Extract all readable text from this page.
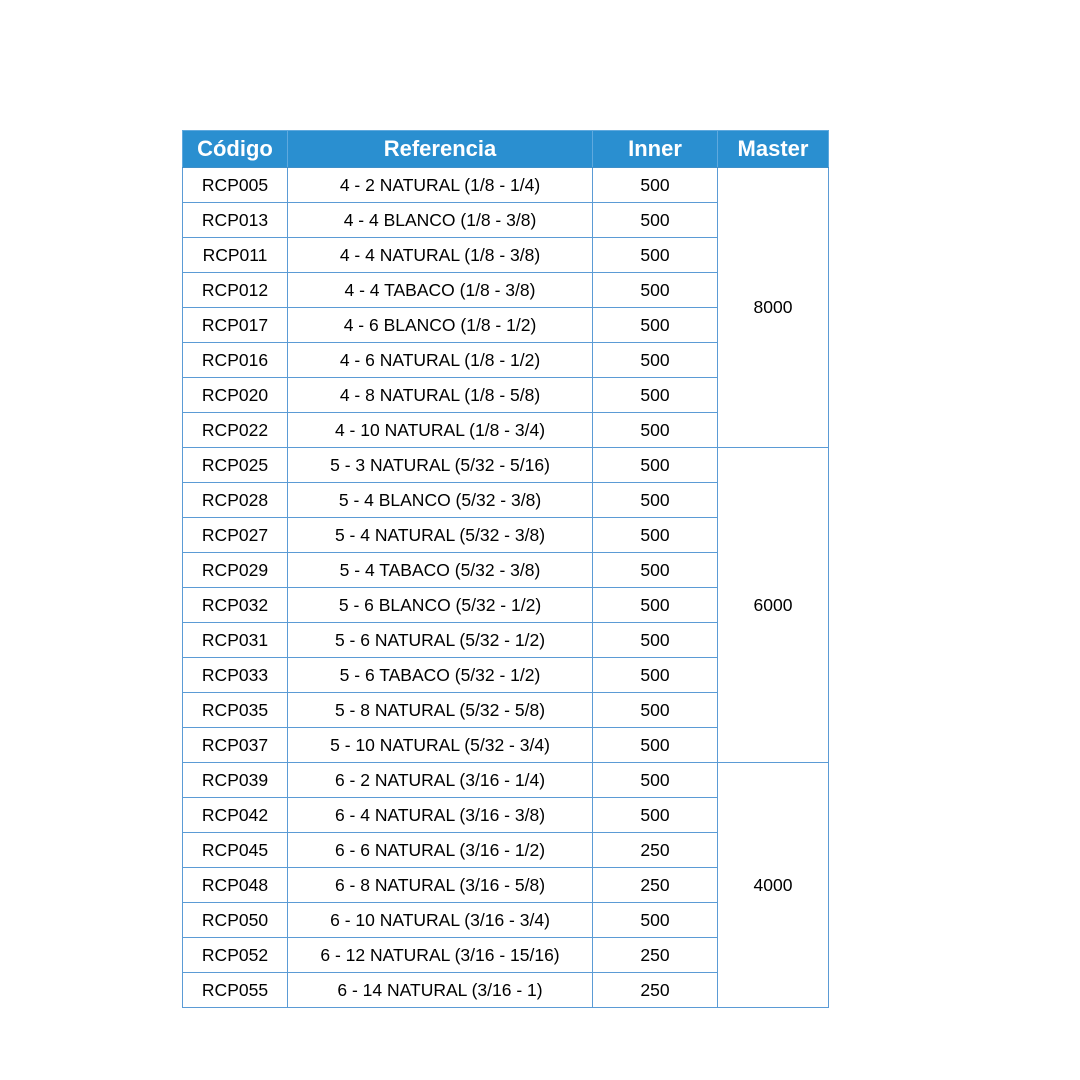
Código	Referencia	Inner	Master
RCP005	4 - 2 NATURAL (1/8 - 1/4)	500	8000
RCP013	4 - 4 BLANCO (1/8 - 3/8)	500	
RCP011	4 - 4 NATURAL (1/8 - 3/8)	500	
RCP012	4 - 4 TABACO (1/8 - 3/8)	500	
RCP017	4 - 6 BLANCO (1/8 - 1/2)	500	
RCP016	4 - 6 NATURAL (1/8 - 1/2)	500	
RCP020	4 - 8 NATURAL (1/8 - 5/8)	500	
RCP022	4 - 10 NATURAL (1/8 - 3/4)	500	
RCP025	5 - 3 NATURAL (5/32 - 5/16)	500	6000
RCP028	5 - 4 BLANCO (5/32 - 3/8)	500	
RCP027	5 - 4 NATURAL (5/32 - 3/8)	500	
RCP029	5 - 4 TABACO (5/32 - 3/8)	500	
RCP032	5 - 6 BLANCO (5/32 - 1/2)	500	
RCP031	5 - 6 NATURAL (5/32 - 1/2)	500	
RCP033	5 - 6 TABACO (5/32 - 1/2)	500	
RCP035	5 - 8 NATURAL (5/32 - 5/8)	500	
RCP037	5 - 10 NATURAL (5/32 - 3/4)	500	
RCP039	6 - 2 NATURAL (3/16 - 1/4)	500	4000
RCP042	6 - 4 NATURAL (3/16 - 3/8)	500	
RCP045	6 - 6 NATURAL (3/16 - 1/2)	250	
RCP048	6 - 8 NATURAL (3/16 - 5/8)	250	
RCP050	6 - 10 NATURAL (3/16 - 3/4)	500	
RCP052	6 - 12 NATURAL (3/16 - 15/16)	250	
RCP055	6 - 14 NATURAL (3/16 - 1)	250	
